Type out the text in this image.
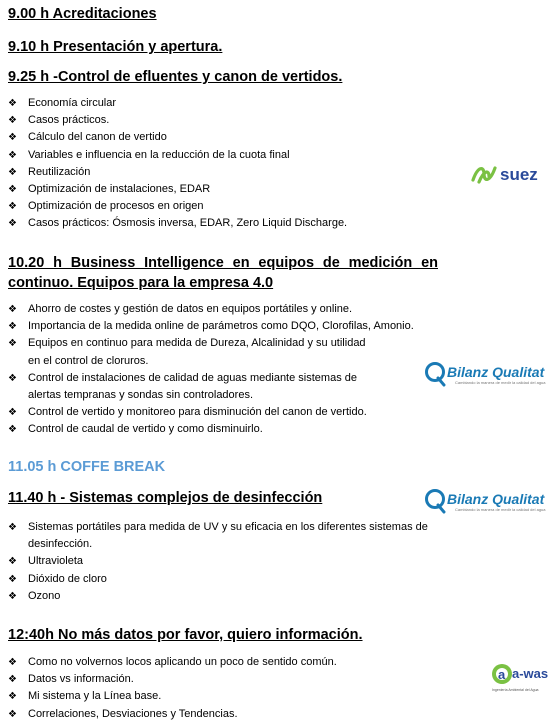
9.00 h Acreditaciones

9.10 h Presentación y apertura.

9.25 h -Control de efluentes y canon de vertidos.

❖ Economía circular
❖ Casos prácticos.
❖ Cálculo del canon de vertido
❖ Variables e influencia en la reducción de la cuota final
❖ Reutilización
❖ Optimización de instalaciones, EDAR
❖ Optimización de procesos en origen
❖ Casos prácticos: Ósmosis inversa, EDAR, Zero Liquid Discharge.
suez

10.20 h Business Intelligence en equipos de medición en

continuo. Equipos para la empresa 4.0

❖ Ahorro de costes y gestión de datos en equipos portátiles y online.
❖ Importancia de la medida online de parámetros como DQO, Clorofilas, Amonio.
❖ Equipos en continuo para medida de Dureza, Alcalinidad y su utilidad
en el control de cloruros.
❖ Control de instalaciones de calidad de aguas mediante sistemas de
alertas tempranas y sondas sin controladores.
❖ Control de vertido y monitoreo para disminución del canon de vertido.
❖ Control de caudal de vertido y como disminuirlo.
Bilanz Qualitat
Cambiando la manera de medir la calidad del agua

11.05 h COFFE BREAK

11.40 h - Sistemas complejos de desinfección

❖ Sistemas portátiles para medida de UV y su eficacia en los diferentes sistemas de
desinfección.
❖ Ultravioleta
❖ Dióxido de cloro
❖ Ozono
Bilanz Qualitat
Cambiando la manera de medir la calidad del agua

12:40h No más datos por favor, quiero información.

❖ Como no volvernos locos aplicando un poco de sentido común.
❖ Datos vs información.
❖ Mi sistema y la Línea base.
❖ Correlaciones, Desviaciones y Tendencias.
a a-was
Ingeniería Ambiental del Agua
